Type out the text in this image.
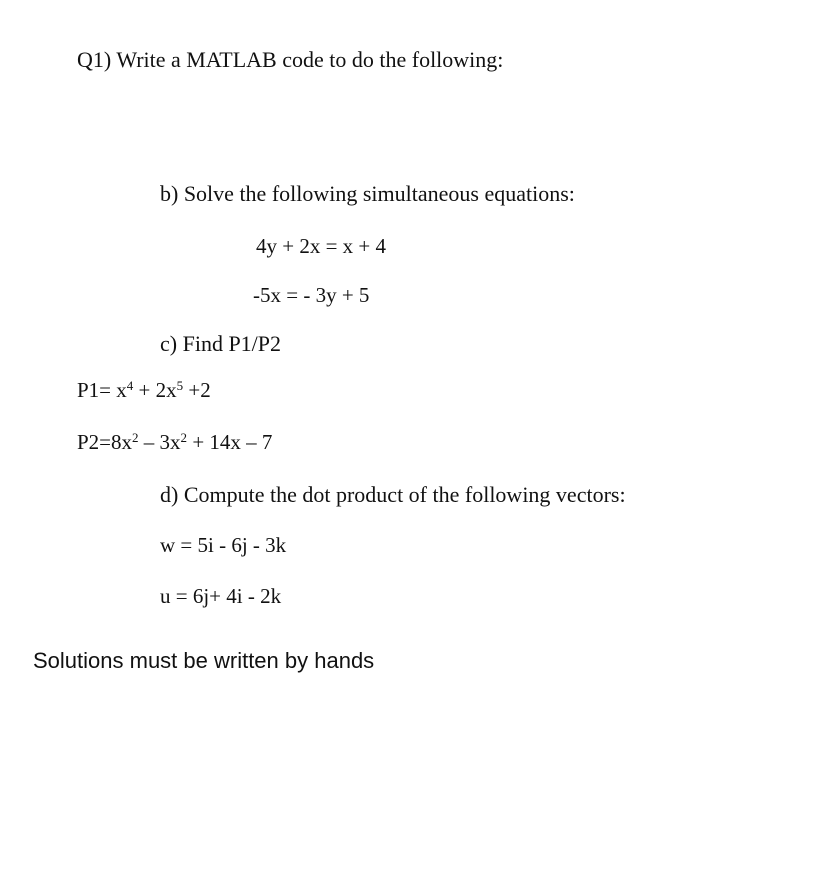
Q1) Write a MATLAB code to do the following:
b) Solve the following simultaneous equations:
4y + 2x = x + 4
-5x = - 3y + 5
c) Find P1/P2
$P1= x^4 + 2x^5 +2$
$P2=8x^2 - 3x^2 + 14x - 7$
d) Compute the dot product of the following vectors:
w = 5i - 6j - 3k
u = 6j+ 4i - 2k
Solutions must be written by hands
